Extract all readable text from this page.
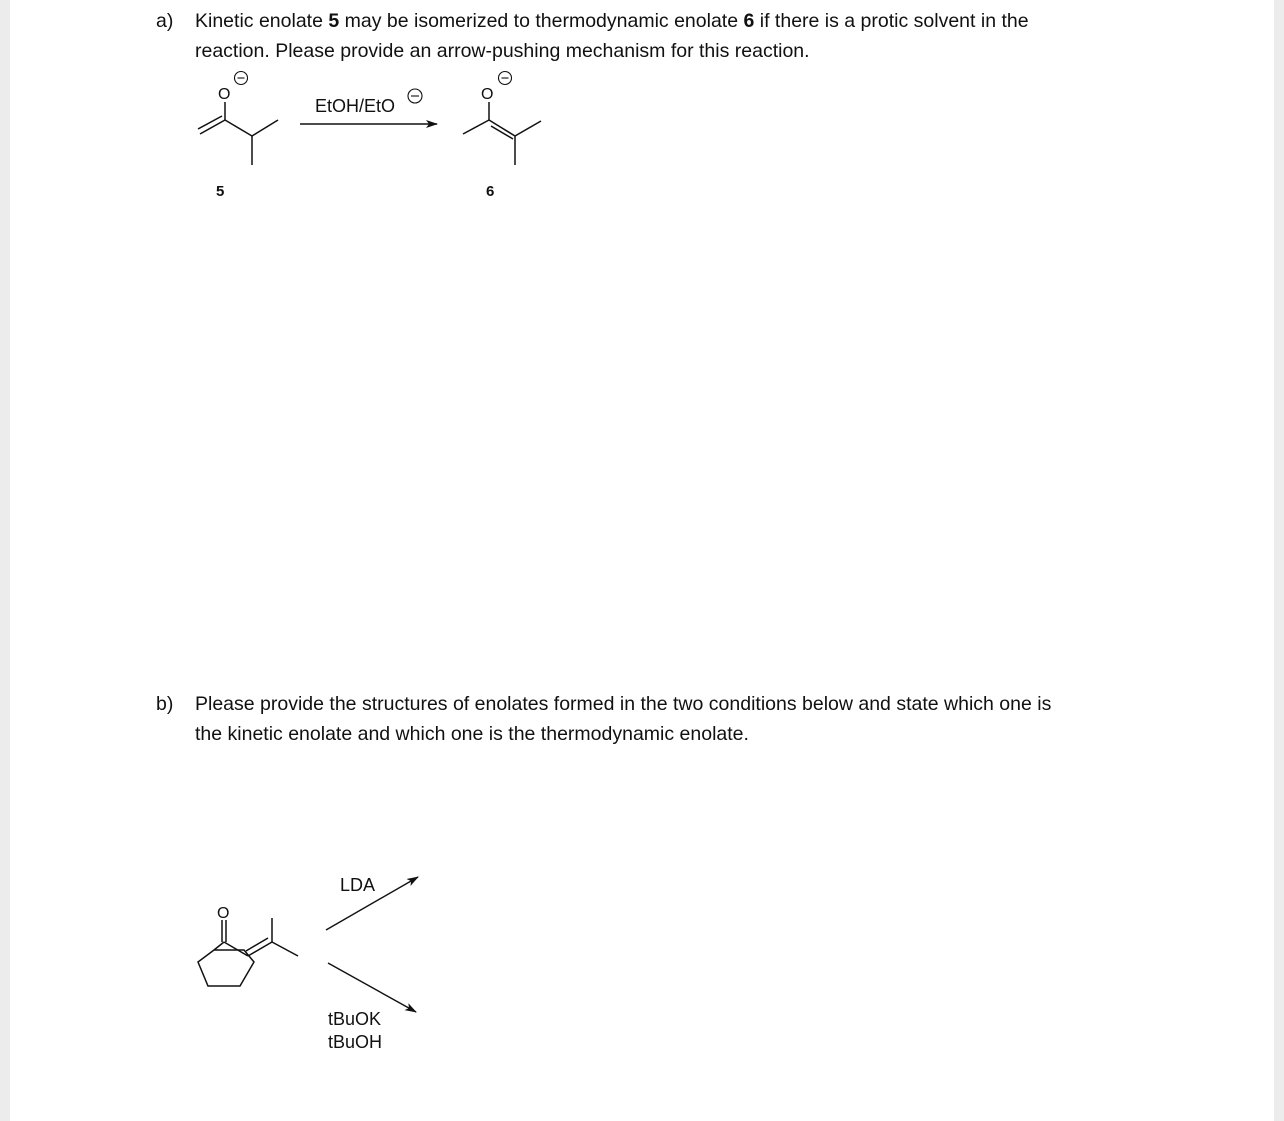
a) Kinetic enolate 5 may be isomerized to thermodynamic enolate 6 if there is a protic solvent in the
reaction. Please provide an arrow-pushing mechanism for this reaction.
b) Please provide the structures of enolates formed in the two conditions below and state which one is
the kinetic enolate and which one is the thermodynamic enolate.
O
5
EtOH/EtO
O
6
O
LDA
tBuOK
tBuOH
